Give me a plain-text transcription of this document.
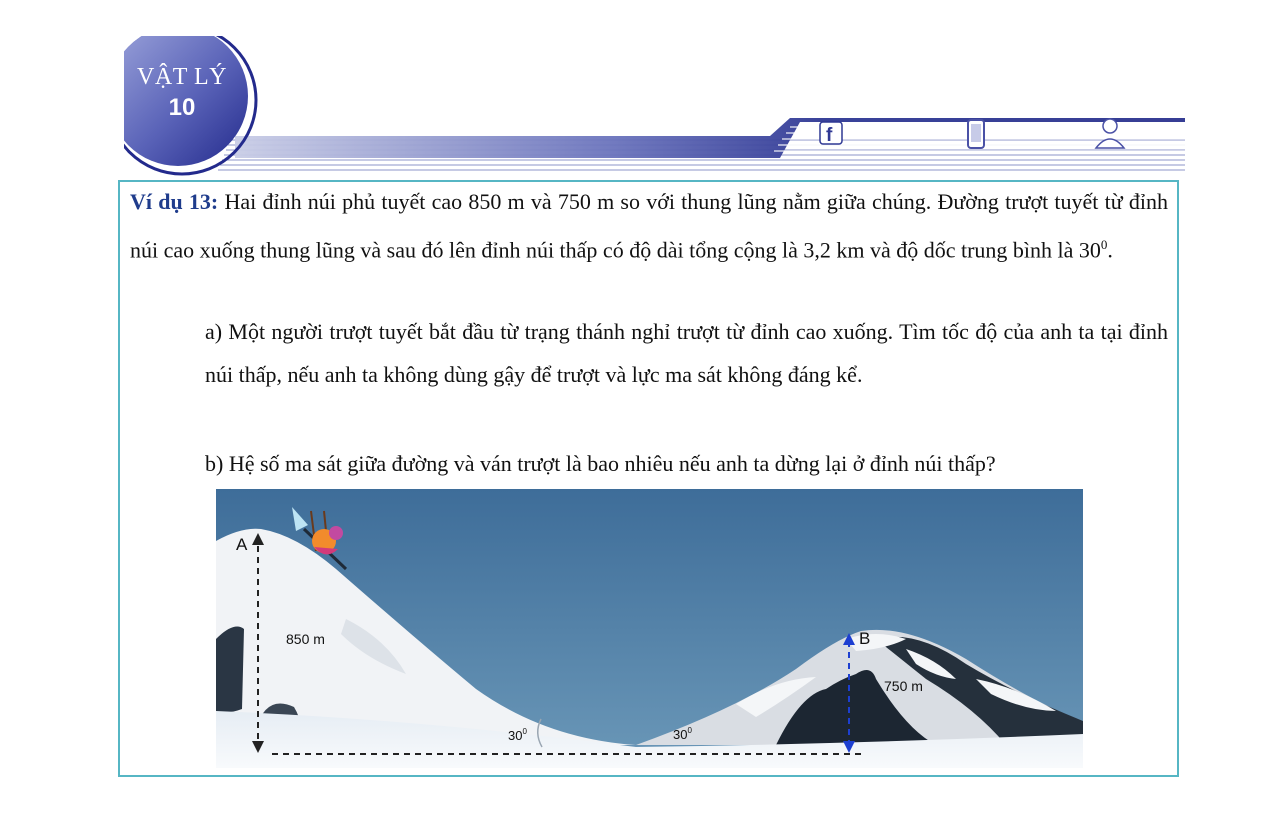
f
VẬT LÝ
10
Ví dụ 13: Hai đỉnh núi phủ tuyết cao 850 m và 750 m so với thung lũng nằm giữa chúng. Đường trượt tuyết từ đỉnh núi cao xuống thung lũng và sau đó lên đỉnh núi thấp có độ dài tổng cộng là 3,2 km và độ dốc trung bình là $30^0$.
a) Một người trượt tuyết bắt đầu từ trạng thánh nghỉ trượt từ đỉnh cao xuống. Tìm tốc độ của anh ta tại đỉnh núi thấp, nếu anh ta không dùng gậy để trượt và lực ma sát không đáng kể.
b) Hệ số ma sát giữa đường và ván trượt là bao nhiêu nếu anh ta dừng lại ở đỉnh núi thấp?
A
B
850 m
750 m
$30^0$	$30^0$
